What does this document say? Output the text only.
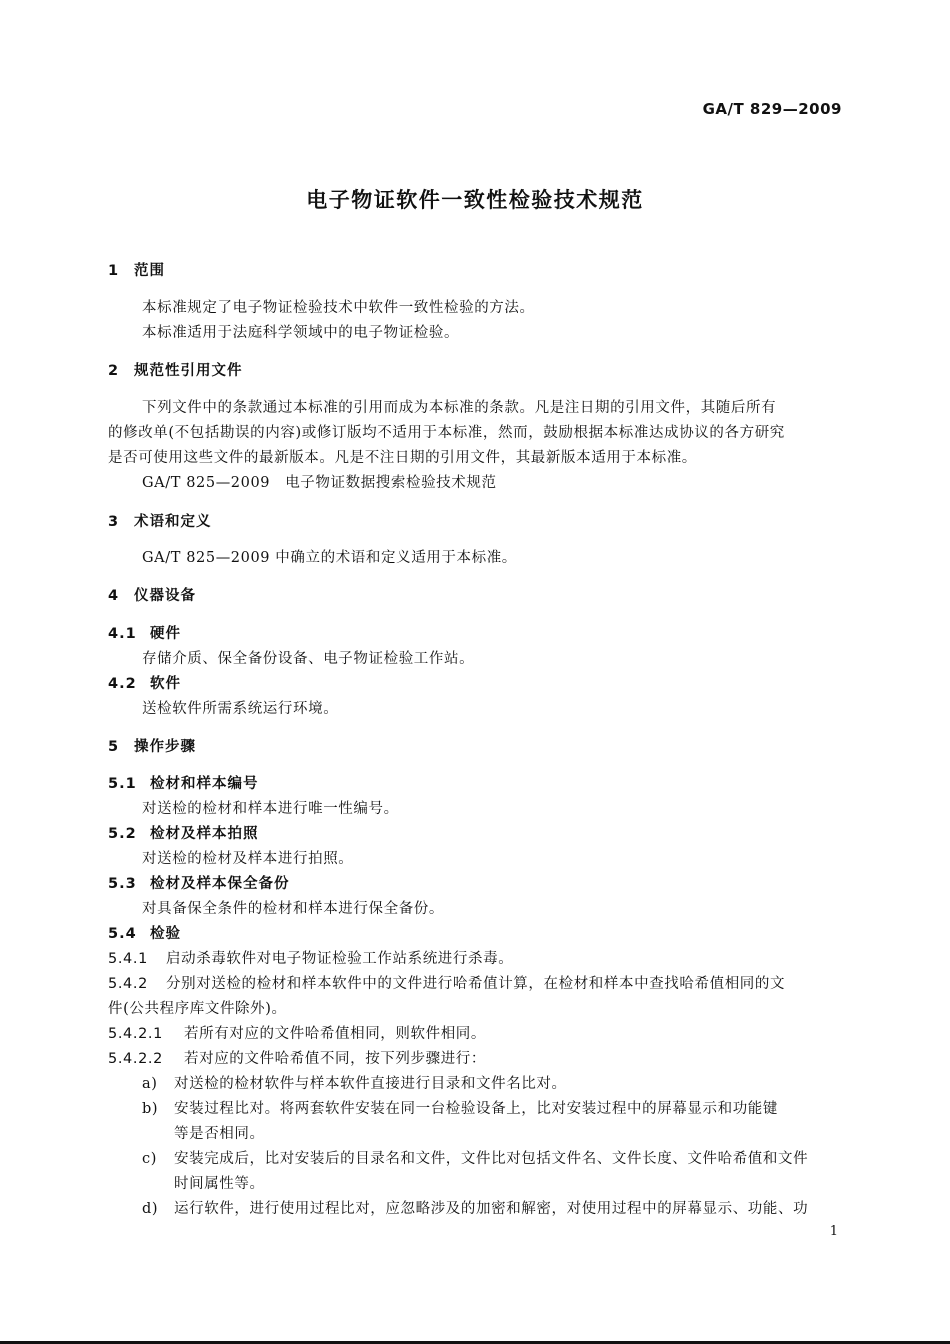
GA/T 829—2009
电子物证软件一致性检验技术规范
1 范围
本标准规定了电子物证检验技术中软件一致性检验的方法。
本标准适用于法庭科学领域中的电子物证检验。
2 规范性引用文件
下列文件中的条款通过本标准的引用而成为本标准的条款。凡是注日期的引用文件，其随后所有
的修改单(不包括勘误的内容)或修订版均不适用于本标准，然而，鼓励根据本标准达成协议的各方研究
是否可使用这些文件的最新版本。凡是不注日期的引用文件，其最新版本适用于本标准。
GA/T 825—2009　电子物证数据搜索检验技术规范
3 术语和定义
GA/T 825—2009 中确立的术语和定义适用于本标准。
4 仪器设备
4.1 硬件
存储介质、保全备份设备、电子物证检验工作站。
4.2 软件
送检软件所需系统运行环境。
5 操作步骤
5.1 检材和样本编号
对送检的检材和样本进行唯一性编号。
5.2 检材及样本拍照
对送检的检材及样本进行拍照。
5.3 检材及样本保全备份
对具备保全条件的检材和样本进行保全备份。
5.4 检验
5.4.1 启动杀毒软件对电子物证检验工作站系统进行杀毒。
5.4.2 分别对送检的检材和样本软件中的文件进行哈希值计算，在检材和样本中查找哈希值相同的文
件(公共程序库文件除外)。
5.4.2.1 若所有对应的文件哈希值相同，则软件相同。
5.4.2.2 若对应的文件哈希值不同，按下列步骤进行：
a) 对送检的检材软件与样本软件直接进行目录和文件名比对。
b) 安装过程比对。将两套软件安装在同一台检验设备上，比对安装过程中的屏幕显示和功能键
等是否相同。
c) 安装完成后，比对安装后的目录名和文件，文件比对包括文件名、文件长度、文件哈希值和文件
时间属性等。
d) 运行软件，进行使用过程比对，应忽略涉及的加密和解密，对使用过程中的屏幕显示、功能、功
1
